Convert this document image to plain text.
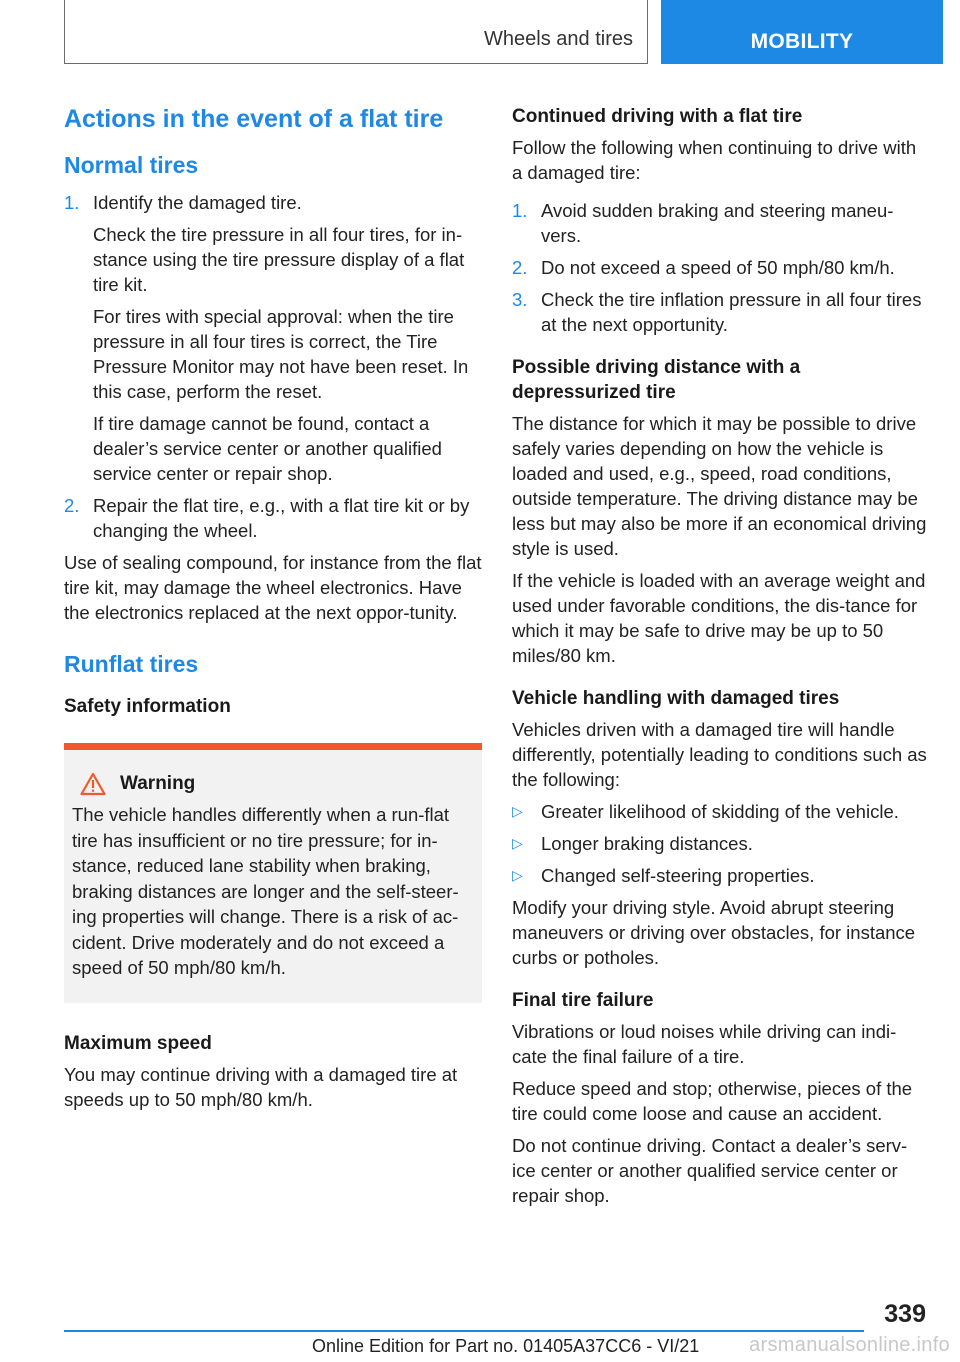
Wheels and tires	MOBILITY
Actions in the event of a flat tire
Normal tires
1. Identify the damaged tire.
Check the tire pressure in all four tires, for in-stance using the tire pressure display of a flat tire kit.
For tires with special approval: when the tire pressure in all four tires is correct, the Tire Pressure Monitor may not have been reset. In this case, perform the reset.
If tire damage cannot be found, contact a dealer’s service center or another qualified service center or repair shop.
2. Repair the flat tire, e.g., with a flat tire kit or by changing the wheel.
Use of sealing compound, for instance from the flat tire kit, may damage the wheel electronics. Have the electronics replaced at the next oppor-tunity.
Runflat tires
Safety information
Warning
The vehicle handles differently when a run-flat tire has insufficient or no tire pressure; for in-stance, reduced lane stability when braking, braking distances are longer and the self-steer-ing properties will change. There is a risk of ac-cident. Drive moderately and do not exceed a speed of 50 mph/80 km/h.
Maximum speed
You may continue driving with a damaged tire at speeds up to 50 mph/80 km/h.
Continued driving with a flat tire
Follow the following when continuing to drive with a damaged tire:
1. Avoid sudden braking and steering maneu-vers.
2. Do not exceed a speed of 50 mph/80 km/h.
3. Check the tire inflation pressure in all four tires at the next opportunity.
Possible driving distance with a depressurized tire
The distance for which it may be possible to drive safely varies depending on how the vehicle is loaded and used, e.g., speed, road conditions, outside temperature. The driving distance may be less but may also be more if an economical driving style is used.
If the vehicle is loaded with an average weight and used under favorable conditions, the dis-tance for which it may be safe to drive may be up to 50 miles/80 km.
Vehicle handling with damaged tires
Vehicles driven with a damaged tire will handle differently, potentially leading to conditions such as the following:
▷ Greater likelihood of skidding of the vehicle.
▷ Longer braking distances.
▷ Changed self-steering properties.
Modify your driving style. Avoid abrupt steering maneuvers or driving over obstacles, for instance curbs or potholes.
Final tire failure
Vibrations or loud noises while driving can indi-cate the final failure of a tire.
Reduce speed and stop; otherwise, pieces of the tire could come loose and cause an accident.
Do not continue driving. Contact a dealer’s serv-ice center or another qualified service center or repair shop.
339
Online Edition for Part no. 01405A37CC6 - VI/21 arsmanualsonline.info
